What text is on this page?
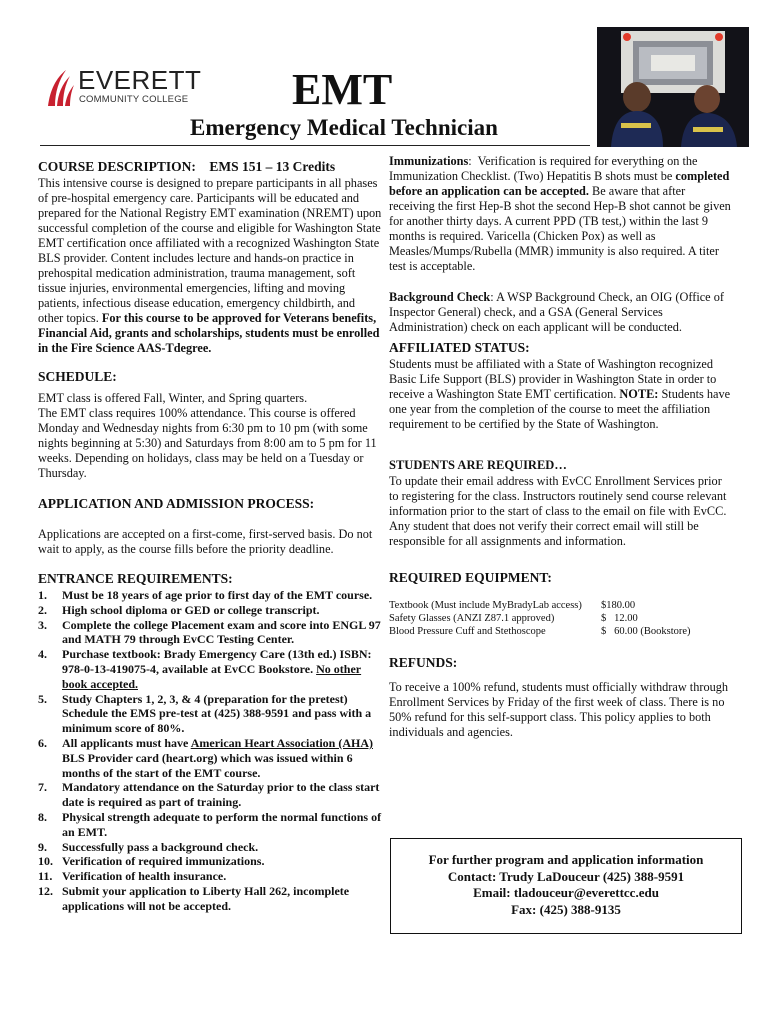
EVERETT
COMMUNITY COLLEGE EMT
Emergency Medical Technician
COURSE DESCRIPTION:    EMS 151 – 13 Credits

This intensive course is designed to prepare participants in all phases of pre-hospital emergency care. Participants will be educated and prepared for the National Registry EMT examination (NREMT) upon successful completion of the course and eligible for Washington State EMT certification once affiliated with a recognized Washington State BLS provider. Content includes lecture and hands-on practice in prehospital medication administration, trauma management, soft tissue injuries, environmental emergencies, lifting and moving patients, infectious disease education, emergency childbirth, and other topics. For this course to be approved for Veterans benefits, Financial Aid, grants and scholarships, students must be enrolled in the Fire Science AAS-Tdegree.

SCHEDULE:

EMT class is offered Fall, Winter, and Spring quarters.

The EMT class requires 100% attendance. This course is offered Monday and Wednesday nights from 6:30 pm to 10 pm (with some nights beginning at 5:30) and Saturdays from 8:00 am to 5 pm for 11 weeks. Depending on holidays, class may be held on a Tuesday or Thursday.

APPLICATION AND ADMISSION PROCESS:

Applications are accepted on a first-come, first-served basis. Do not wait to apply, as the course fills before the priority deadline.

ENTRANCE REQUIREMENTS:
1. Must be 18 years of age prior to first day of the EMT course.
2. High school diploma or GED or college transcript.
3. Complete the college Placement exam and score into ENGL 97 and MATH 79 through EvCC Testing Center.
4. Purchase textbook: Brady Emergency Care (13th ed.) ISBN: 978-0-13-419075-4, available at EvCC Bookstore. No other book accepted.
5. Study Chapters 1, 2, 3, & 4 (preparation for the pretest) Schedule the EMS pre-test at (425) 388-9591 and pass with a minimum score of 80%.
6. All applicants must have American Heart Association (AHA) BLS Provider card (heart.org) which was issued within 6 months of the start of the EMT course.
7. Mandatory attendance on the Saturday prior to the class start date is required as part of training.
8. Physical strength adequate to perform the normal functions of an EMT.
9. Successfully pass a background check.
10. Verification of required immunizations.
11. Verification of health insurance.
12. Submit your application to Liberty Hall 262, incomplete applications will not be accepted.

Immunizations:  Verification is required for everything on the Immunization Checklist. (Two) Hepatitis B shots must be completed before an application can be accepted. Be aware that after receiving the first Hep-B shot the second Hep-B shot cannot be given for another thirty days. A current PPD (TB test,) within the last 9 months is required. Varicella (Chicken Pox) as well as Measles/Mumps/Rubella (MMR) immunity is also required. A titer test is acceptable.

Background Check: A WSP Background Check, an OIG (Office of Inspector General) check, and a GSA (General Services Administration) check on each applicant will be conducted.

AFFILIATED STATUS:

Students must be affiliated with a State of Washington recognized Basic Life Support (BLS) provider in Washington State in order to receive a Washington State EMT certification. NOTE: Students have one year from the completion of the course to meet the affiliation requirement to be certified by the State of Washington.

STUDENTS ARE REQUIRED…

To update their email address with EvCC Enrollment Services prior to registering for the class. Instructors routinely send course relevant information prior to the start of class to the email on file with EvCC. Any student that does not verify their correct email will still be responsible for all assignments and information.

REQUIRED EQUIPMENT:
Textbook (Must include MyBradyLab access)	$180.00
Safety Glasses (ANZI Z87.1 approved)	$   12.00
Blood Pressure Cuff and Stethoscope	$   60.00 (Bookstore)
REFUNDS:

To receive a 100% refund, students must officially withdraw through Enrollment Services by Friday of the first week of class. There is no 50% refund for this self-support class. This policy applies to both individuals and agencies.

For further program and application information
Contact: Trudy LaDouceur (425) 388-9591
Email: tladouceur@everettcc.edu
Fax: (425) 388-9135
